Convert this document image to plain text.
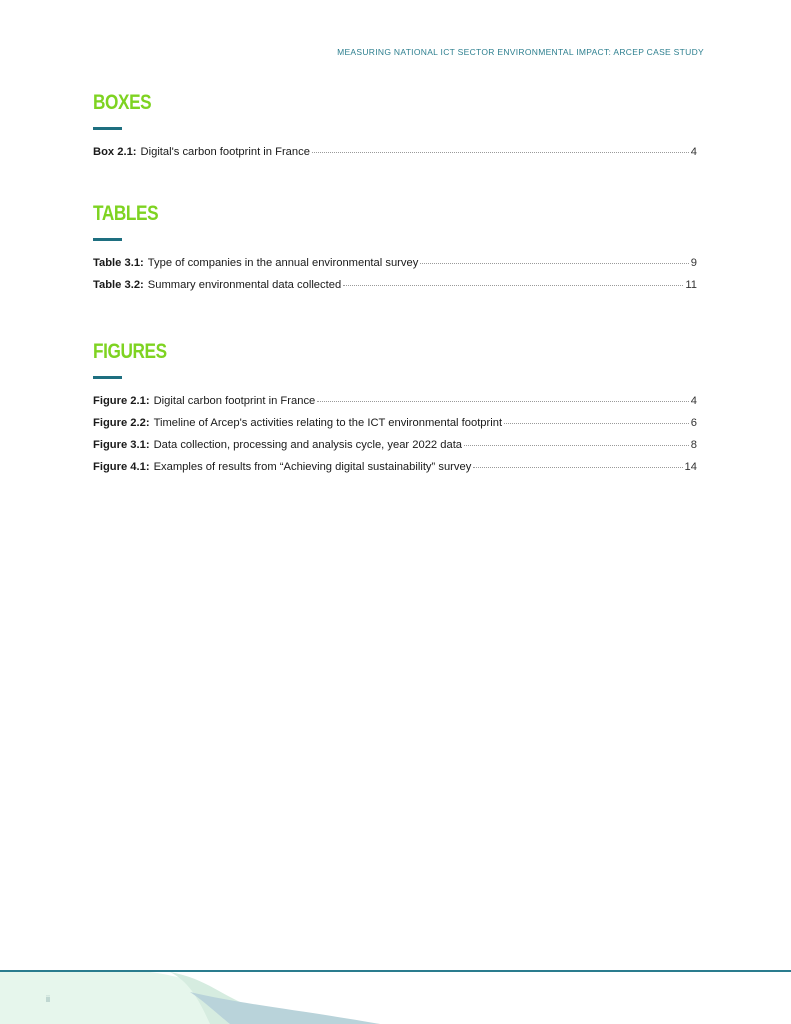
MEASURING NATIONAL ICT SECTOR ENVIRONMENTAL IMPACT: ARCEP CASE STUDY
BOXES
Box 2.1: Digital's carbon footprint in France	4
TABLES
Table 3.1: Type of companies in the annual environmental survey	9
Table 3.2: Summary environmental data collected	11
FIGURES
Figure 2.1: Digital carbon footprint in France	4
Figure 2.2: Timeline of Arcep's activities relating to the ICT environmental footprint	6
Figure 3.1: Data collection, processing and analysis cycle, year 2022 data	8
Figure 4.1: Examples of results from “Achieving digital sustainability” survey	14
ii
